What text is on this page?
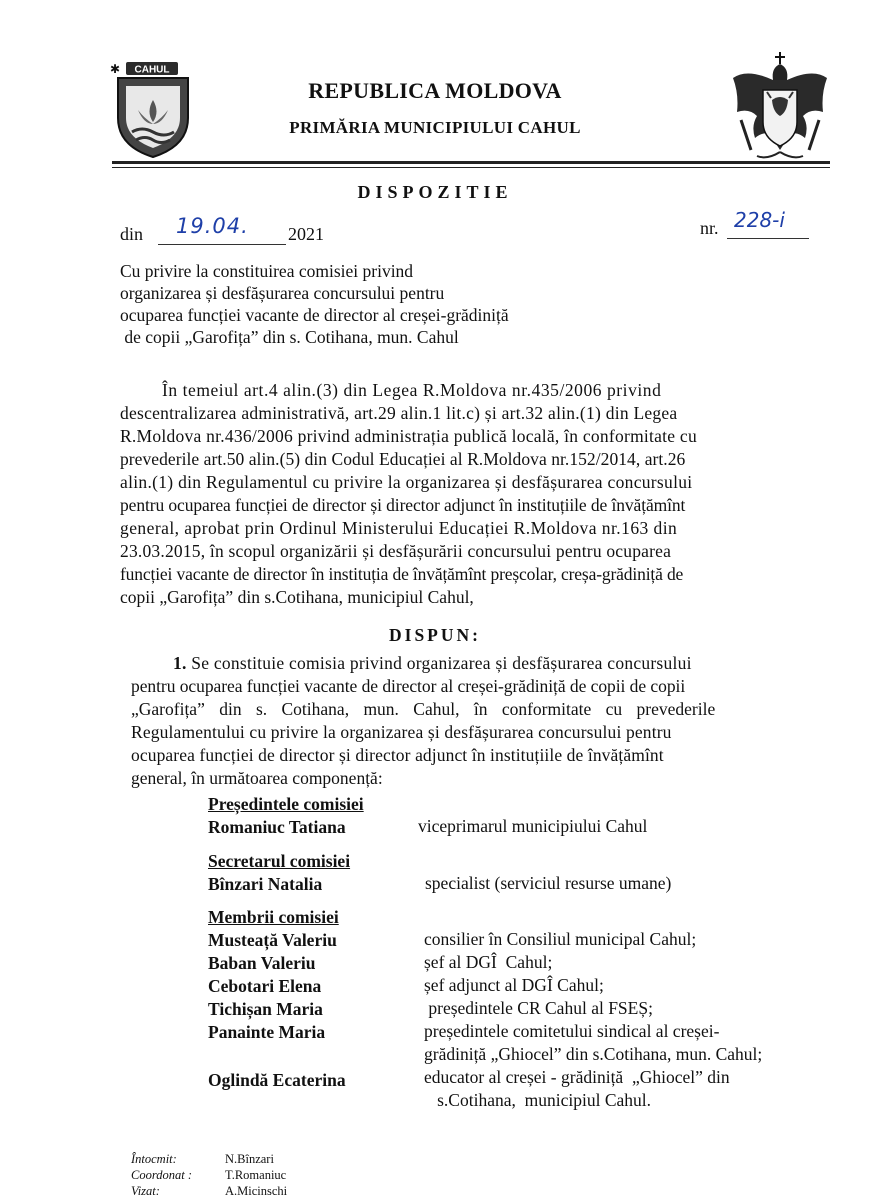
✱ CAHUL
REPUBLICA MOLDOVA
PRIMĂRIA MUNICIPIULUI CAHUL
DISPOZITIE
din 19.04. 2021	nr. 228-i
Cu privire la constituirea comisiei privind
organizarea și desfășurarea concursului pentru
ocuparea funcției vacante de director al creșei-grădiniță
de copii „Garofița” din s. Cotihana, mun. Cahul
În temeiul art.4 alin.(3) din Legea R.Moldova nr.435/2006 privind
descentralizarea administrativă, art.29 alin.1 lit.c) și art.32 alin.(1) din Legea
R.Moldova nr.436/2006 privind administrația publică locală, în conformitate cu
prevederile art.50 alin.(5) din Codul Educației al R.Moldova nr.152/2014, art.26
alin.(1) din Regulamentul cu privire la organizarea și desfășurarea concursului
pentru ocuparea funcției de director și director adjunct în instituțiile de învățămînt
general, aprobat prin Ordinul Ministerului Educației R.Moldova nr.163 din
23.03.2015, în scopul organizării și desfășurării concursului pentru ocuparea
funcției vacante de director în instituția de învățămînt preșcolar, creșa-grădiniță de
copii „Garofița” din s.Cotihana, municipiul Cahul,
DISPUN:
1. Se constituie comisia privind organizarea și desfășurarea concursului
pentru ocuparea funcției vacante de director al creșei-grădiniță de copii de copii
„Garofița” din s. Cotihana, mun. Cahul, în conformitate cu prevederile
Regulamentului cu privire la organizarea și desfășurarea concursului pentru
ocuparea funcției de director și director adjunct în instituțiile de învățămînt
general, în următoarea componență:
Președintele comisiei
Romaniuc Tatiana	viceprimarul municipiului Cahul
Secretarul comisiei
Bînzari Natalia	specialist (serviciul resurse umane)
Membrii comisiei
Musteață Valeriu	consilier în Consiliul municipal Cahul;
Baban Valeriu	șef al DGÎ  Cahul;
Cebotari Elena	șef adjunct al DGÎ Cahul;
Tichișan Maria	președintele CR Cahul al FSEȘ;
Panainte Maria	președintele comitetului sindical al creșei-
grădiniță „Ghiocel” din s.Cotihana, mun. Cahul;
Oglindă Ecaterina	educator al creșei - grădiniță  „Ghiocel” din
s.Cotihana,  municipiul Cahul.
Întocmit:	N.Bînzari
Coordonat :	T.Romaniuc
Vizat:	A.Micinschi
